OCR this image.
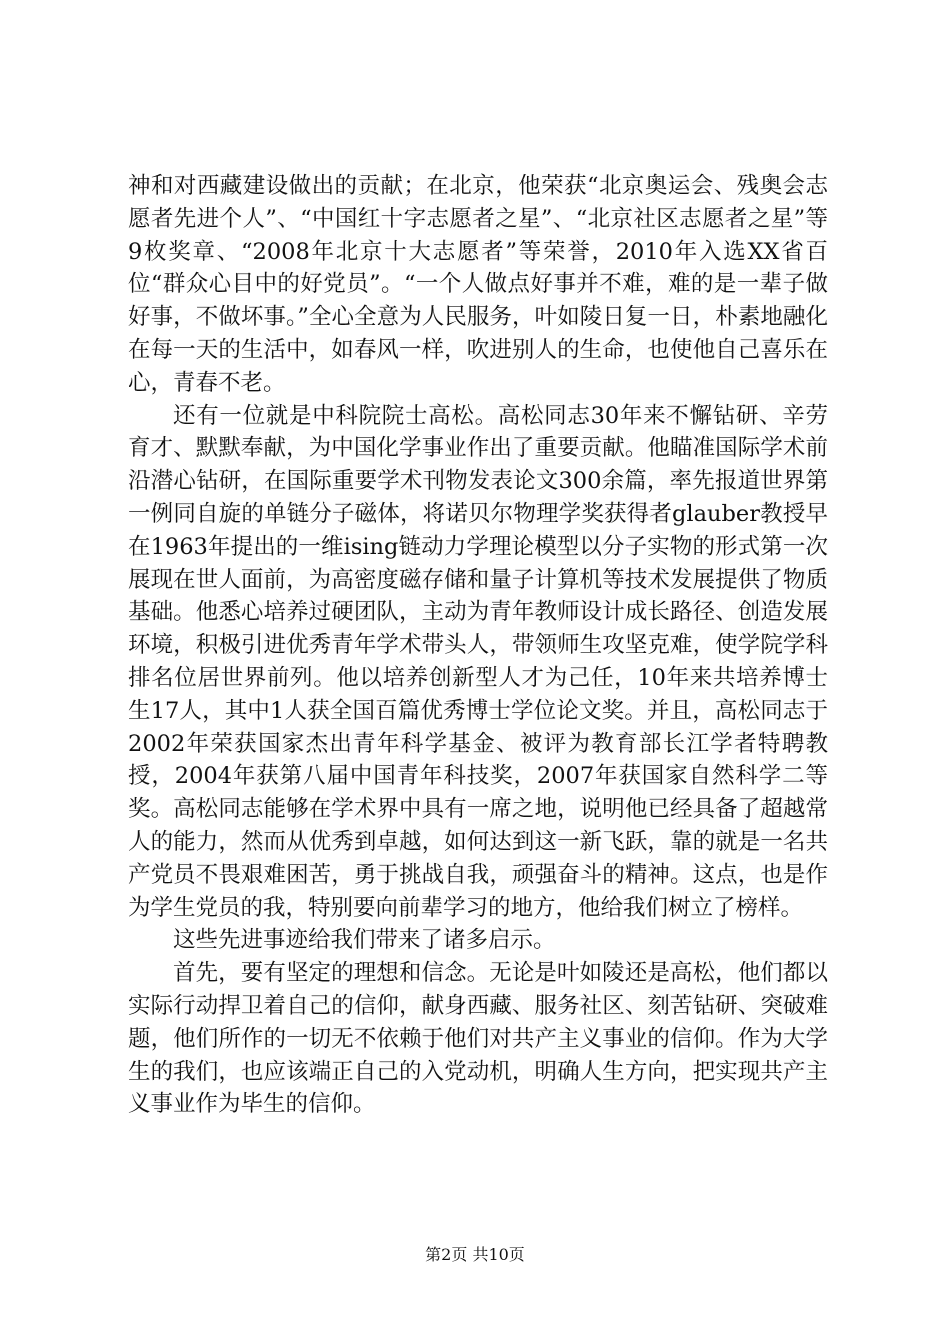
神和对西藏建设做出的贡献；在北京，他荣获“北京奥运会、残奥会志愿者先进个人”、“中国红十字志愿者之星”、“北京社区志愿者之星”等9枚奖章、“2008年北京十大志愿者”等荣誉，2010年入选XX省百位“群众心目中的好党员”。“一个人做点好事并不难，难的是一辈子做好事，不做坏事。”全心全意为人民服务，叶如陵日复一日，朴素地融化在每一天的生活中，如春风一样，吹进别人的生命，也使他自己喜乐在心，青春不老。

还有一位就是中科院院士高松。高松同志30年来不懈钻研、辛劳育才、默默奉献，为中国化学事业作出了重要贡献。他瞄准国际学术前沿潜心钻研，在国际重要学术刊物发表论文300余篇，率先报道世界第一例同自旋的单链分子磁体，将诺贝尔物理学奖获得者glauber教授早在1963年提出的一维ising链动力学理论模型以分子实物的形式第一次展现在世人面前，为高密度磁存储和量子计算机等技术发展提供了物质基础。他悉心培养过硬团队，主动为青年教师设计成长路径、创造发展环境，积极引进优秀青年学术带头人，带领师生攻坚克难，使学院学科排名位居世界前列。他以培养创新型人才为己任，10年来共培养博士生17人，其中1人获全国百篇优秀博士学位论文奖。并且，高松同志于2002年荣获国家杰出青年科学基金、被评为教育部长江学者特聘教授，2004年获第八届中国青年科技奖，2007年获国家自然科学二等奖。高松同志能够在学术界中具有一席之地，说明他已经具备了超越常人的能力，然而从优秀到卓越，如何达到这一新飞跃，靠的就是一名共产党员不畏艰难困苦，勇于挑战自我，顽强奋斗的精神。这点，也是作为学生党员的我，特别要向前辈学习的地方，他给我们树立了榜样。

这些先进事迹给我们带来了诸多启示。

首先，要有坚定的理想和信念。无论是叶如陵还是高松，他们都以实际行动捍卫着自己的信仰，献身西藏、服务社区、刻苦钻研、突破难题，他们所作的一切无不依赖于他们对共产主义事业的信仰。作为大学生的我们，也应该端正自己的入党动机，明确人生方向，把实现共产主义事业作为毕生的信仰。

第2页 共10页
